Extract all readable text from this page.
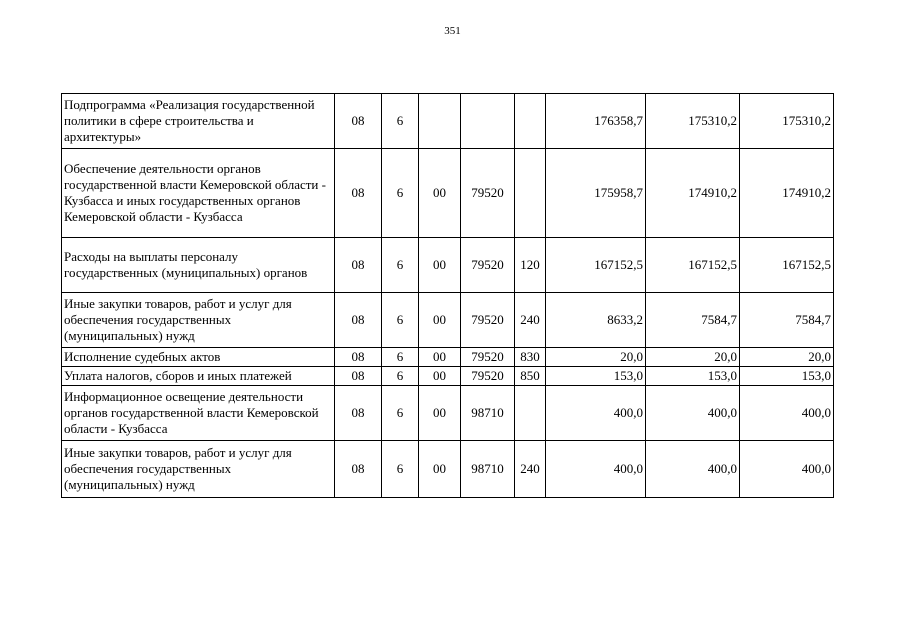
351
Подпрограмма «Реализация государственной политики в сфере строительства и архитектуры»	08	6				176358,7	175310,2	175310,2
Обеспечение деятельности органов государственной власти Кемеровской области - Кузбасса и иных государственных органов Кемеровской области - Кузбасса	08	6	00	79520		175958,7	174910,2	174910,2
Расходы на выплаты персоналу государственных (муниципальных) органов	08	6	00	79520	120	167152,5	167152,5	167152,5
Иные закупки товаров, работ и услуг для обеспечения государственных (муниципальных) нужд	08	6	00	79520	240	8633,2	7584,7	7584,7
Исполнение судебных актов	08	6	00	79520	830	20,0	20,0	20,0
Уплата налогов, сборов и иных платежей	08	6	00	79520	850	153,0	153,0	153,0
Информационное освещение деятельности органов государственной власти Кемеровской области - Кузбасса	08	6	00	98710		400,0	400,0	400,0
Иные закупки товаров, работ и услуг для обеспечения государственных (муниципальных) нужд	08	6	00	98710	240	400,0	400,0	400,0
